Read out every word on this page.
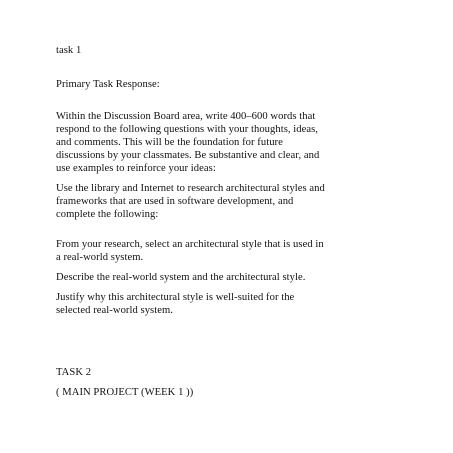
task 1

Primary Task Response:

Within the Discussion Board area, write 400–600 words that

respond to the following questions with your thoughts, ideas,

and comments. This will be the foundation for future

discussions by your classmates. Be substantive and clear, and

use examples to reinforce your ideas:

Use the library and Internet to research architectural styles and

frameworks that are used in software development, and

complete the following:

From your research, select an architectural style that is used in

a real-world system.

Describe the real-world system and the architectural style.

Justify why this architectural style is well-suited for the

selected real-world system.

TASK 2

( MAIN PROJECT (WEEK 1 ))
